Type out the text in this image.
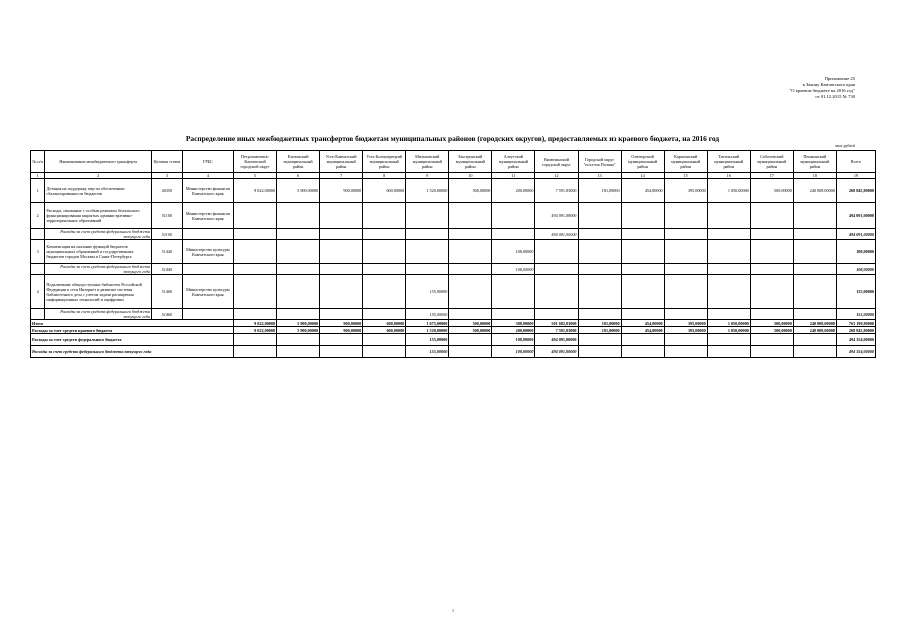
Приложение 25
к Закону Камчатского края
"О краевом бюджете на 2016 год"
от 01.12.2015 № 730
Распределение иных межбюджетных трансфертов бюджетам муниципальных районов (городских округов), предоставляемых из краевого бюджета, на 2016 год
тыс.рублей
№ п/п	Наименование межбюджетного трансферта	Целевая статья	ГРБС	Петропавловск-Камчатский городской округ	Елизовский муниципальный район	Усть-Камчатский муниципальный район	Усть-Большерецкий муниципальный район	Мильковский муниципальный район	Быстринский муниципальный район	Алеутский муниципальный район	Вилючинский городской округ	Городской округ "поселок Палана"	Олюторский муниципальный район	Карагинский муниципальный район	Тигильский муниципальный район	Соболевский муниципальный район	Пенжинский муниципальный район	Всего
1	2	3	4	5	6	7	8	9	10	11	12	13	14	15	16	17	18	19
1	Дотация на поддержку мер по обеспечению сбалансированности бюджетов	40350	Министерство финансов Камчатского края	9 022,00000	5 900,00000	900,00000	600,00000	1 520,00000	500,00000	200,00000	7 591,83000	181,00000	454,00000	395,00000	1 050,00000	500,00000	240 008,00000	268 845,80000
2	Расходы, связанные с особым режимом безопасного функционирования закрытых административно-территориальных образований	51100	Министерство финансов Камчатского края								494 091,00000							494 091,00000
	Расходы за счет средств федерального бюджета текущего года	51100									494 091,00000							494 091,00000
3	Компенсация на оказание функций бюджетов муниципальных образований и государственных бюджетов городов Москвы и Санкт-Петербурга	51440	Министерство культуры Камчатского края							108,00000								108,00000
	Расходы за счет средств федерального бюджета текущего года	51440								108,00000								108,00000
4	Подключение общедоступных библиотек Российской Федерации к сети Интернет и развитие системы библиотечного дела с учетом задачи расширения информационных технологий и оцифровки	51460	Министерство культуры Камчатского края					155,00000										155,00000
	Расходы за счет средств федерального бюджета текущего года	51460						155,00000										155,00000
Итого				9 022,00000	5 900,00000	900,00000	600,00000	1 675,00000	500,00000	308,00000	501 682,83000	181,00000	454,00000	395,00000	1 050,00000	500,00000	240 008,00000	763 199,80000
Расходы за счет средств краевого бюджета				9 022,00000	5 900,00000	900,00000	600,00000	1 520,00000	500,00000	200,00000	7 591,83000	181,00000	454,00000	395,00000	1 050,00000	500,00000	240 008,00000	268 845,80000
Расходы за счет средств федерального бюджета								155,00000		108,00000	494 091,00000							494 354,00000
Расходы за счет средств федерального бюджета текущего года								155,00000		108,00000	494 091,00000							494 354,00000
1
